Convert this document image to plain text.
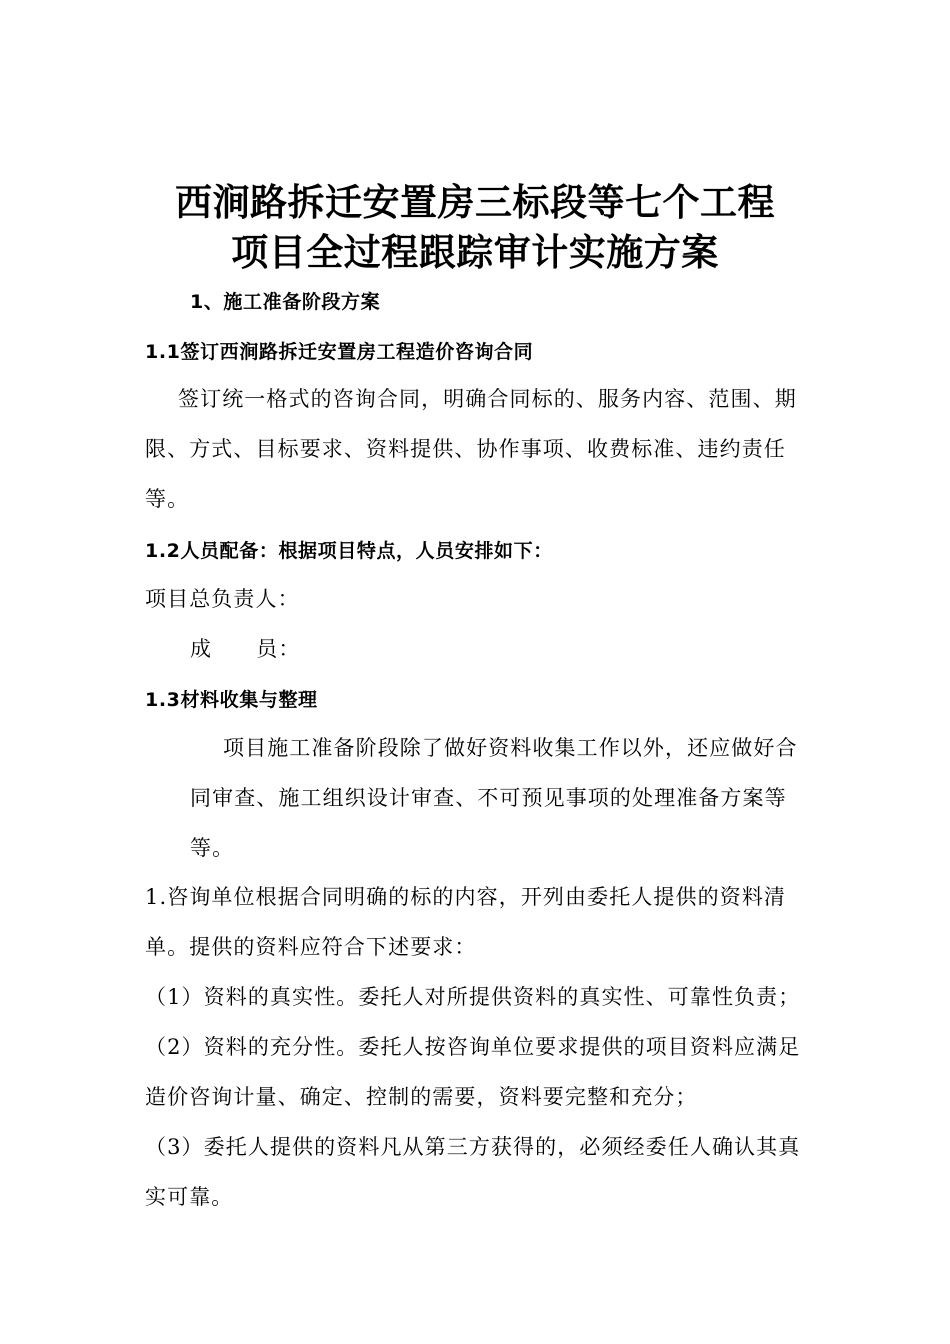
西涧路拆迁安置房三标段等七个工程
项目全过程跟踪审计实施方案
1、施工准备阶段方案
1.1签订西涧路拆迁安置房工程造价咨询合同
签订统一格式的咨询合同，明确合同标的、服务内容、范围、期
限、方式、目标要求、资料提供、协作事项、收费标准、违约责任
等。
1.2人员配备：根据项目特点，人员安排如下：
项目总负责人：
成　　员：
1.3材料收集与整理
项目施工准备阶段除了做好资料收集工作以外，还应做好合
同审查、施工组织设计审查、不可预见事项的处理准备方案等
等。
1.咨询单位根据合同明确的标的内容，开列由委托人提供的资料清
单。提供的资料应符合下述要求：
（1）资料的真实性。委托人对所提供资料的真实性、可靠性负责；
（2）资料的充分性。委托人按咨询单位要求提供的项目资料应满足
造价咨询计量、确定、控制的需要，资料要完整和充分；
（3）委托人提供的资料凡从第三方获得的，必须经委任人确认其真
实可靠。
